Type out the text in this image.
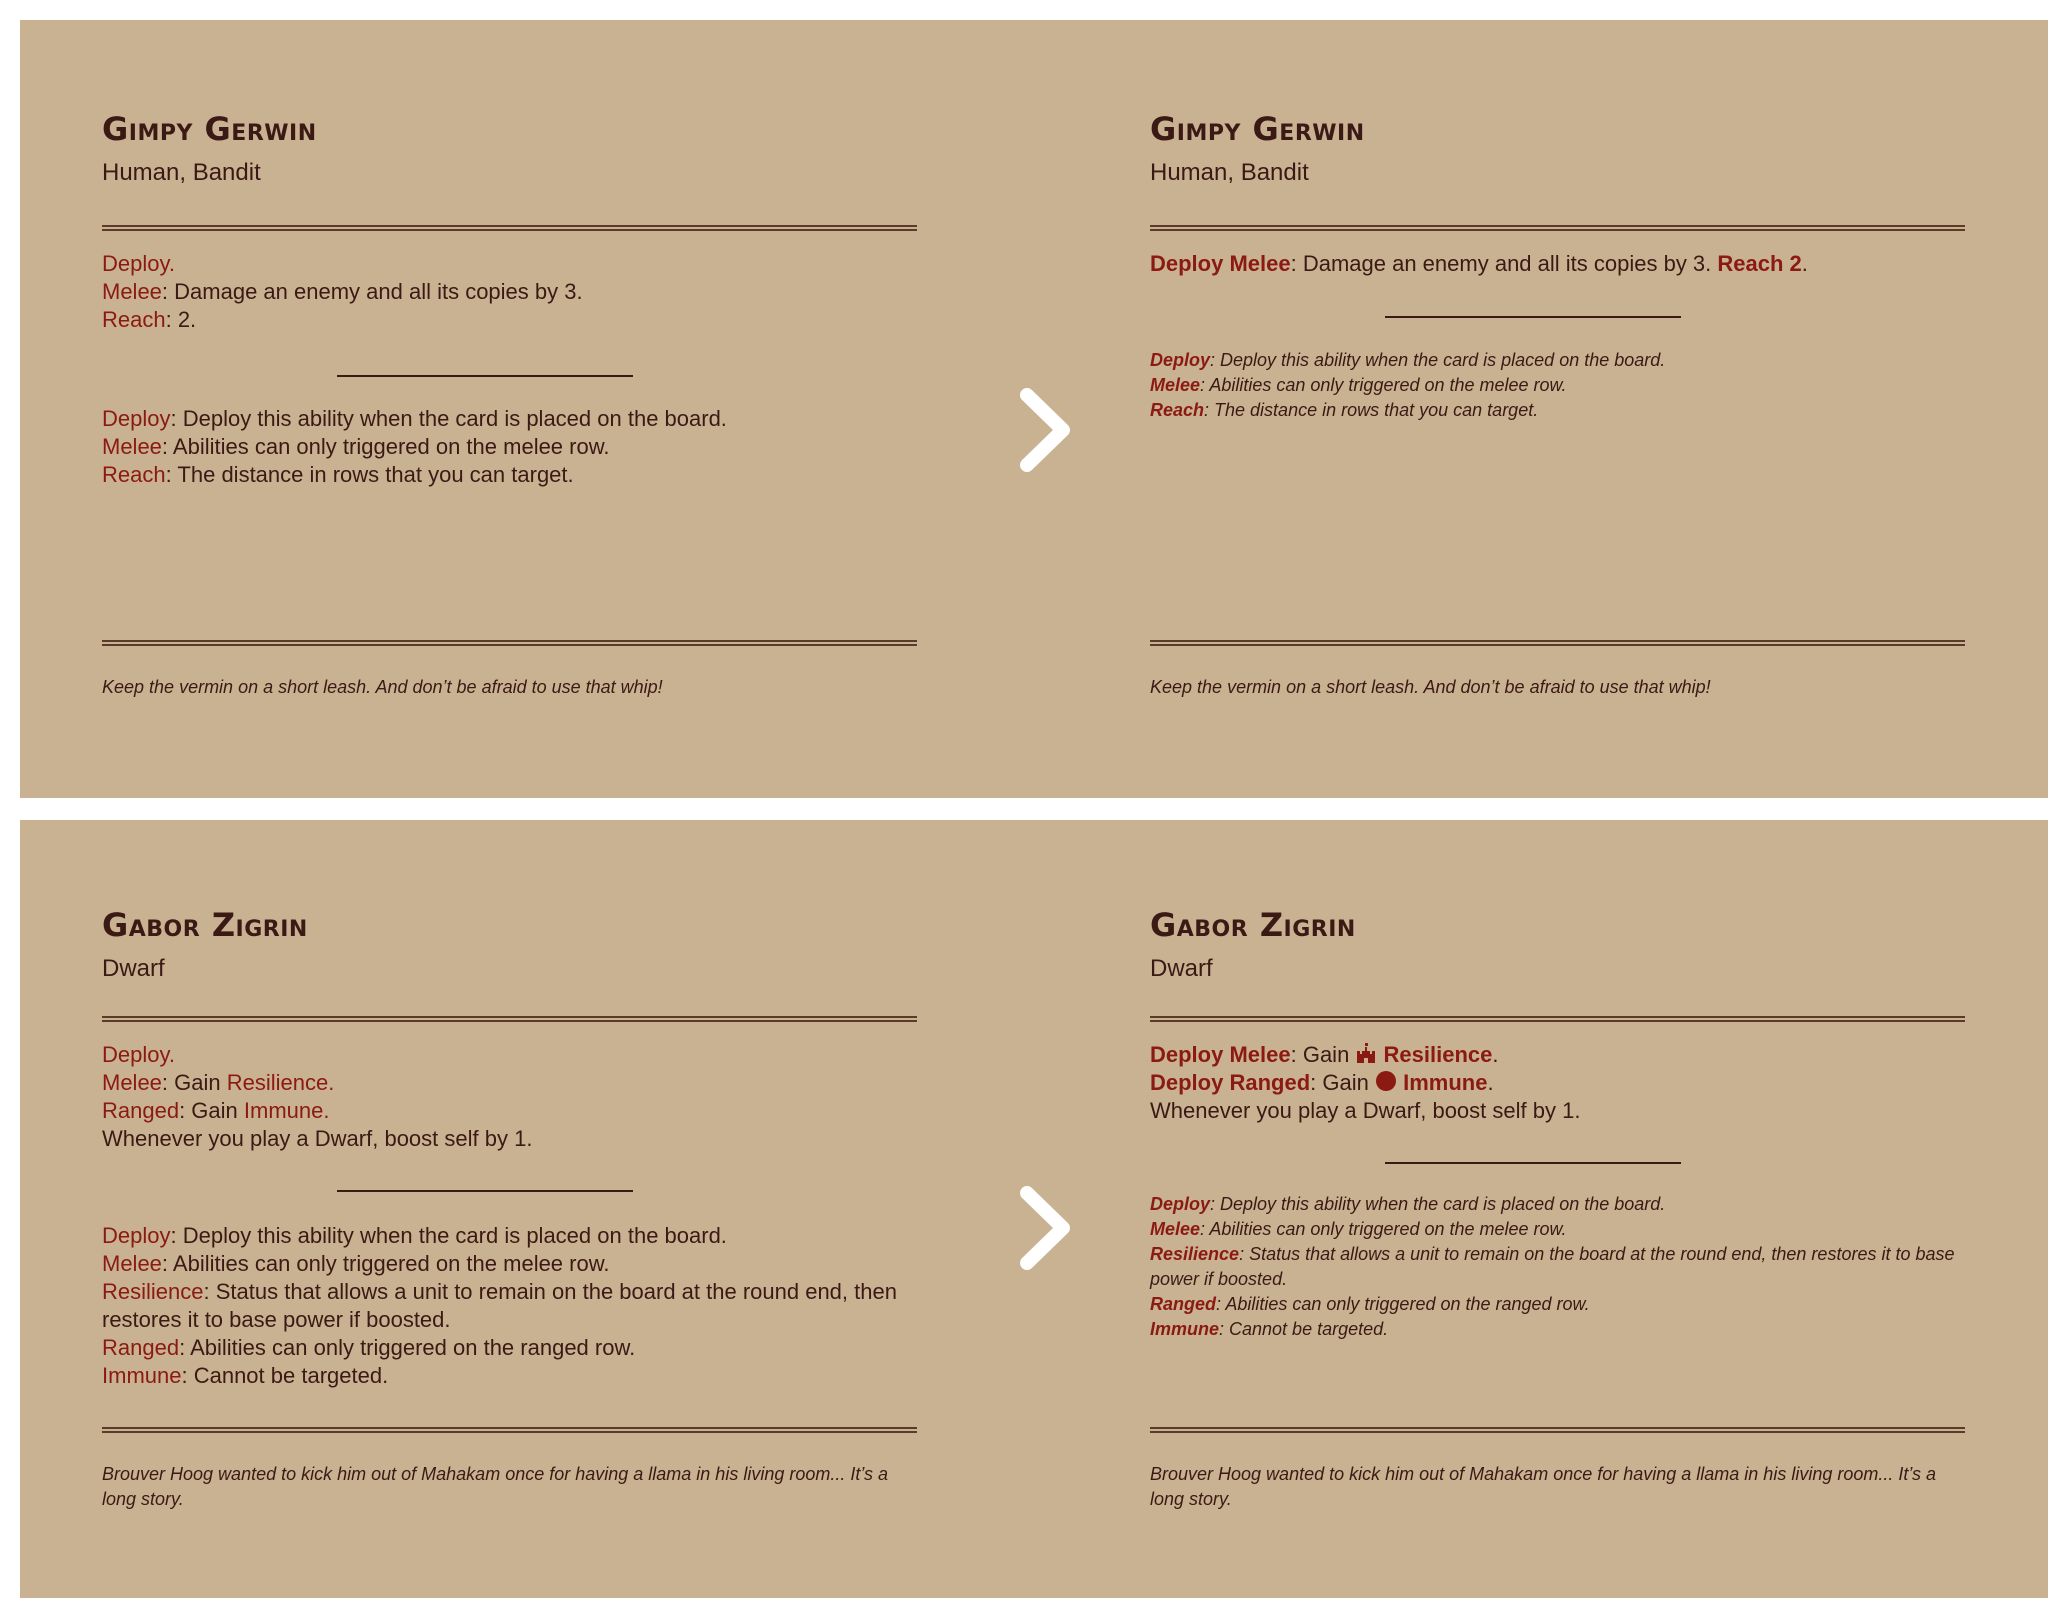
Gimpy Gerwin
Human, Bandit
Deploy.
Melee: Damage an enemy and all its copies by 3.
Reach: 2.
Deploy: Deploy this ability when the card is placed on the board.
Melee: Abilities can only triggered on the melee row.
Reach: The distance in rows that you can target.
Keep the vermin on a short leash. And don’t be afraid to use that whip!
Gimpy Gerwin
Human, Bandit
Deploy Melee: Damage an enemy and all its copies by 3. Reach 2.
Deploy: Deploy this ability when the card is placed on the board.
Melee: Abilities can only triggered on the melee row.
Reach: The distance in rows that you can target.
Keep the vermin on a short leash. And don’t be afraid to use that whip!
Gabor Zigrin
Dwarf
Deploy.
Melee: Gain Resilience.
Ranged: Gain Immune.
Whenever you play a Dwarf, boost self by 1.
Deploy: Deploy this ability when the card is placed on the board.
Melee: Abilities can only triggered on the melee row.
Resilience: Status that allows a unit to remain on the board at the round end, then restores it to base power if boosted.
Ranged: Abilities can only triggered on the ranged row.
Immune: Cannot be targeted.
Brouver Hoog wanted to kick him out of Mahakam once for having a llama in his living room... It’s a long story.
Gabor Zigrin
Dwarf
Deploy Melee: Gain  Resilience.
Deploy Ranged: Gain  Immune.
Whenever you play a Dwarf, boost self by 1.
Deploy: Deploy this ability when the card is placed on the board.
Melee: Abilities can only triggered on the melee row.
Resilience: Status that allows a unit to remain on the board at the round end, then restores it to base power if boosted.
Ranged: Abilities can only triggered on the ranged row.
Immune: Cannot be targeted.
Brouver Hoog wanted to kick him out of Mahakam once for having a llama in his living room... It’s a long story.
